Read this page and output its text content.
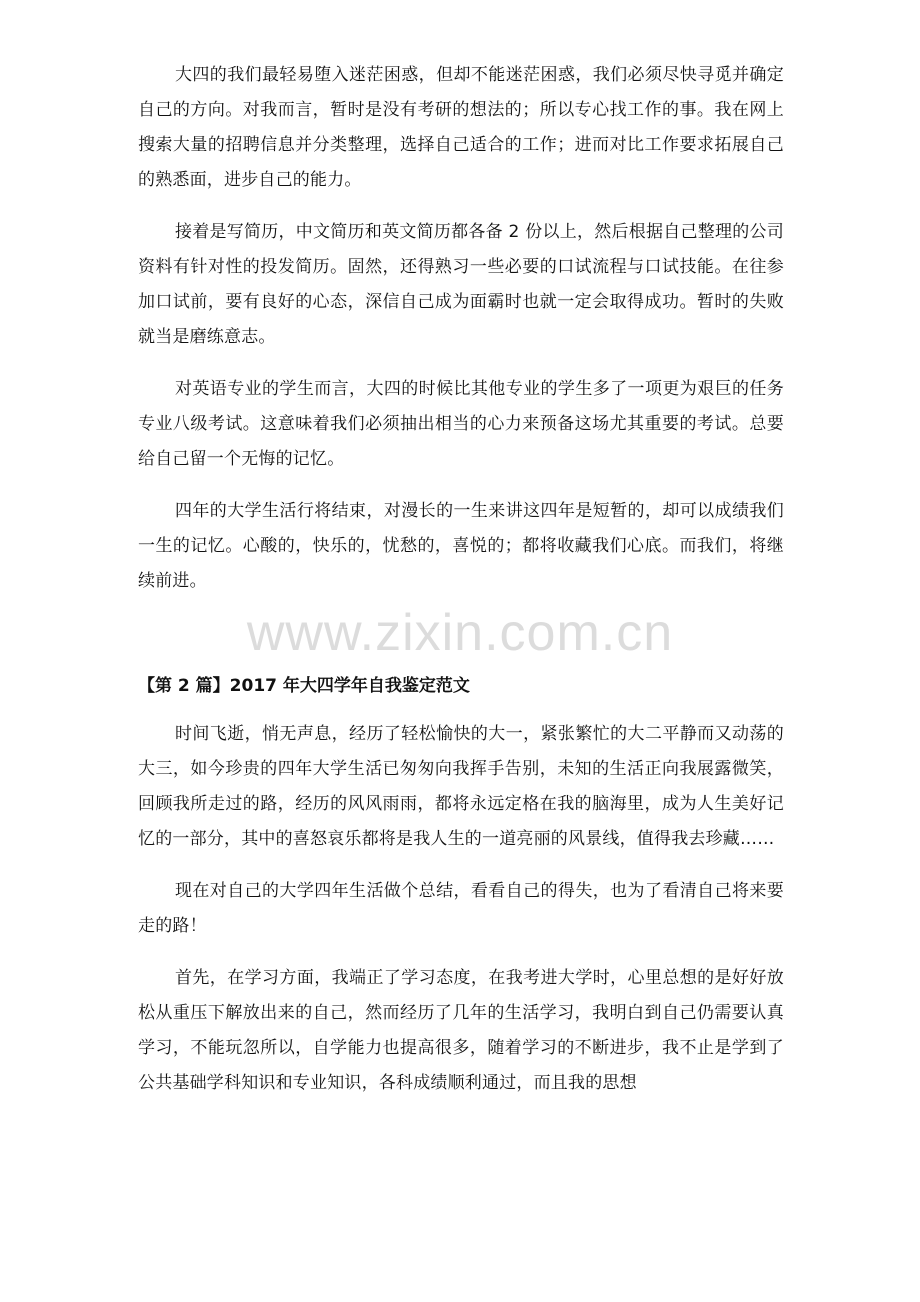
大四的我们最轻易堕入迷茫困惑，但却不能迷茫困惑，我们必须尽快寻觅并确定自己的方向。对我而言，暂时是没有考研的想法的；所以专心找工作的事。我在网上搜索大量的招聘信息并分类整理，选择自己适合的工作；进而对比工作要求拓展自己的熟悉面，进步自己的能力。

接着是写简历，中文简历和英文简历都各备 2 份以上，然后根据自己整理的公司资料有针对性的投发简历。固然，还得熟习一些必要的口试流程与口试技能。在往参加口试前，要有良好的心态，深信自己成为面霸时也就一定会取得成功。暂时的失败就当是磨练意志。

对英语专业的学生而言，大四的时候比其他专业的学生多了一项更为艰巨的任务专业八级考试。这意味着我们必须抽出相当的心力来预备这场尤其重要的考试。总要给自己留一个无悔的记忆。

四年的大学生活行将结束，对漫长的一生来讲这四年是短暂的，却可以成绩我们一生的记忆。心酸的，快乐的，忧愁的，喜悦的；都将收藏我们心底。而我们，将继续前进。

www.zixin.com.cn
【第 2 篇】2017 年大四学年自我鉴定范文

时间飞逝，悄无声息，经历了轻松愉快的大一，紧张繁忙的大二平静而又动荡的大三，如今珍贵的四年大学生活已匆匆向我挥手告别，未知的生活正向我展露微笑，回顾我所走过的路，经历的风风雨雨，都将永远定格在我的脑海里，成为人生美好记忆的一部分，其中的喜怒哀乐都将是我人生的一道亮丽的风景线，值得我去珍藏……

现在对自己的大学四年生活做个总结，看看自己的得失，也为了看清自己将来要走的路！

首先，在学习方面，我端正了学习态度，在我考进大学时，心里总想的是好好放松从重压下解放出来的自己，然而经历了几年的生活学习，我明白到自己仍需要认真学习，不能玩忽所以，自学能力也提高很多，随着学习的不断进步，我不止是学到了公共基础学科知识和专业知识，各科成绩顺利通过，而且我的思想
